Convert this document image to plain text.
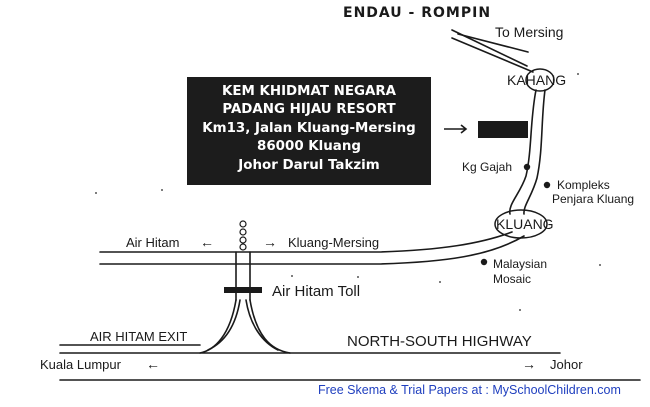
ENDAU - ROMPIN
To Mersing
KAHANG
Kg Gajah
Kompleks
Penjara Kluang
KLUANG
Malaysian
Mosaic
Air Hitam ←	→ Kluang-Mersing
Air Hitam Toll
AIR HITAM EXIT	NORTH-SOUTH HIGHWAY
Kuala Lumpur ←	→ Johor
KEM KHIDMAT NEGARA
PADANG HIJAU RESORT
Km13, Jalan Kluang-Mersing
86000 Kluang
Johor Darul Takzim
Free Skema & Trial Papers at : MySchoolChildren.com
